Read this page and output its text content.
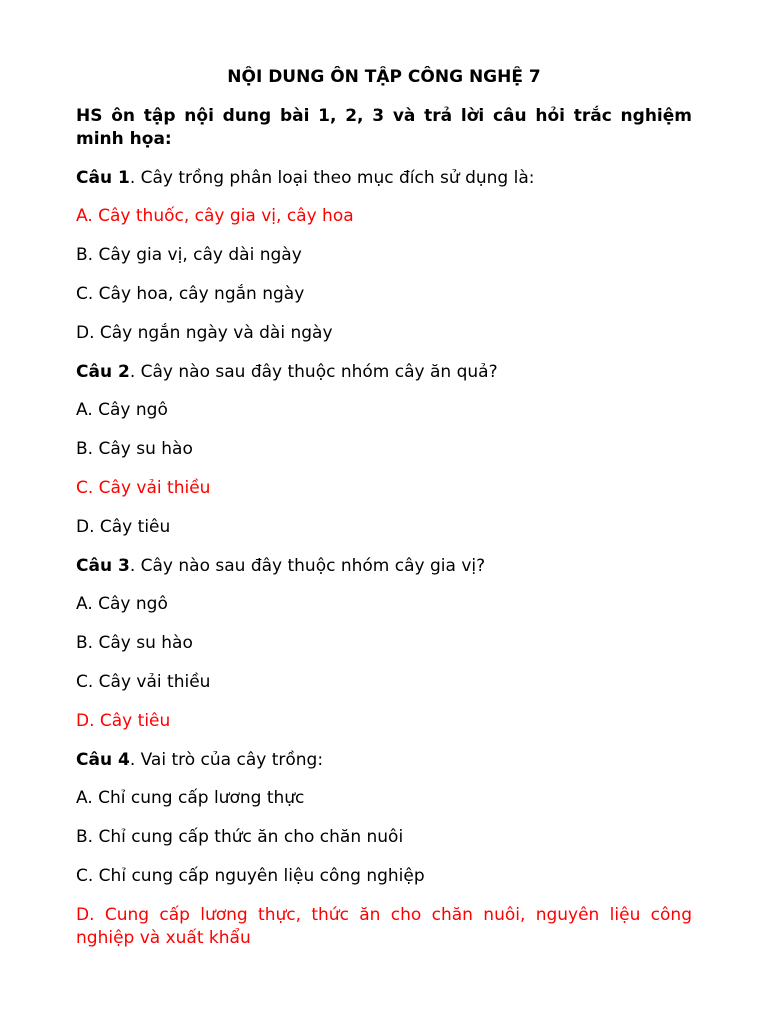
NỘI DUNG ÔN TẬP CÔNG NGHỆ 7

HS ôn tập nội dung bài 1, 2, 3 và trả lời câu hỏi trắc nghiệm minh họa:

Câu 1. Cây trồng phân loại theo mục đích sử dụng là:

A. Cây thuốc, cây gia vị, cây hoa

B. Cây gia vị, cây dài ngày

C. Cây hoa, cây ngắn ngày

D. Cây ngắn ngày và dài ngày

Câu 2. Cây nào sau đây thuộc nhóm cây ăn quả?

A. Cây ngô

B. Cây su hào

C. Cây vải thiều

D. Cây tiêu

Câu 3. Cây nào sau đây thuộc nhóm cây gia vị?

A. Cây ngô

B. Cây su hào

C. Cây vải thiều

D. Cây tiêu

Câu 4. Vai trò của cây trồng:

A. Chỉ cung cấp lương thực

B. Chỉ cung cấp thức ăn cho chăn nuôi

C. Chỉ cung cấp nguyên liệu công nghiệp

D. Cung cấp lương thực, thức ăn cho chăn nuôi, nguyên liệu công nghiệp và xuất khẩu
